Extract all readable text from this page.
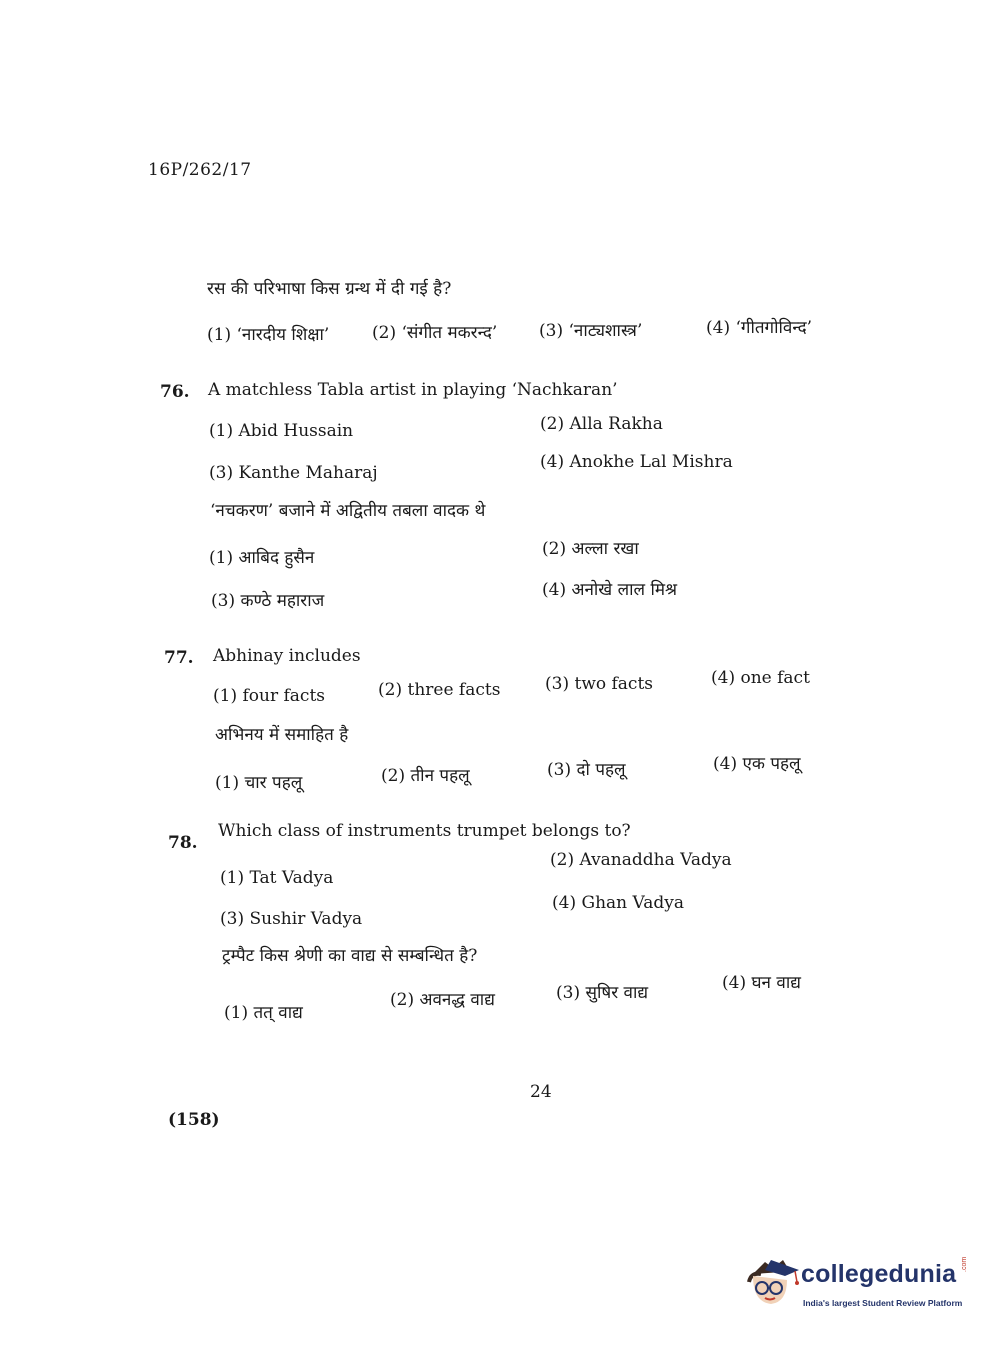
16P/262/17
रस की परिभाषा किस ग्रन्थ में दी गई है?
(1) ‘नारदीय शिक्षा’	(2) ‘संगीत मकरन्द’ (3) ‘नाट्यशास्त्र’	(4) ‘गीतगोविन्द’
76. A matchless Tabla artist in playing ‘Nachkaran’
(1) Abid Hussain	(2) Alla Rakha
(3) Kanthe Maharaj
(4) Anokhe Lal Mishra
‘नचकरण’ बजाने में अद्वितीय तबला वादक थे
(1) आबिद हुसैन	(2) अल्ला रखा
(3) कण्ठे महाराज
(4) अनोखे लाल मिश्र
77. Abhinay includes
(1) four facts	(2) three facts	(3) two facts	(4) one fact
अभिनय में समाहित है
(1) चार पहलू	(2) तीन पहलू	(3) दो पहलू	(4) एक पहलू
78.
Which class of instruments trumpet belongs to?
(1) Tat Vadya
(2) Avanaddha Vadya
(3) Sushir Vadya
(4) Ghan Vadya
ट्रम्पैट किस श्रेणी का वाद्य से सम्बन्धित है?
(1) तत् वाद्य
(2) अवनद्ध वाद्य	(3) सुषिर वाद्य	(4) घन वाद्य
24
(158)
collegedunia .com
India's largest Student Review Platform
